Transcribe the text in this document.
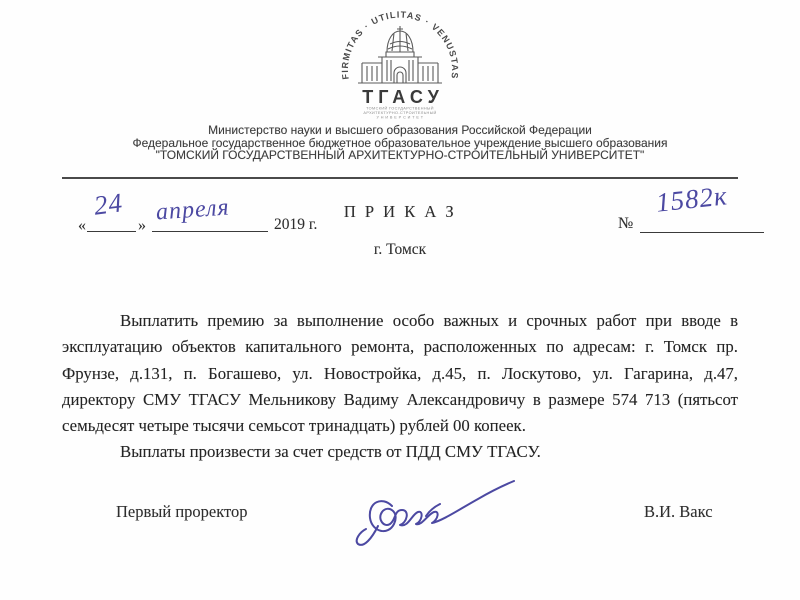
FIRMITAS · UTILITAS · VENUSTAS
ТГАСУ
ТОМСКИЙ ГОСУДАРСТВЕННЫЙ
АРХИТЕКТУРНО-СТРОИТЕЛЬНЫЙ
У Н И В Е Р С И Т Е Т
Министерство науки и высшего образования Российской Федерации
Федеральное государственное бюджетное образовательное учреждение высшего образования
"ТОМСКИЙ ГОСУДАРСТВЕННЫЙ АРХИТЕКТУРНО-СТРОИТЕЛЬНЫЙ УНИВЕРСИТЕТ"
«
24
» апреля	2019 г.
П Р И К А З
г. Томск
№
1582к

Выплатить премию за выполнение особо важных и срочных работ при вводе в эксплуатацию объектов капитального ремонта, расположенных по адресам: г. Томск пр. Фрунзе, д.131, п. Богашево, ул. Новостройка, д.45, п. Лоскутово, ул. Гагарина, д.47, директору СМУ ТГАСУ Мельникову Вадиму Александровичу в размере 574 713 (пятьсот семьдесят четыре тысячи семьсот тринадцать) рублей 00 копеек.

Выплаты произвести за счет средств от ПДД СМУ ТГАСУ.

Первый проректор	В.И. Вакс
